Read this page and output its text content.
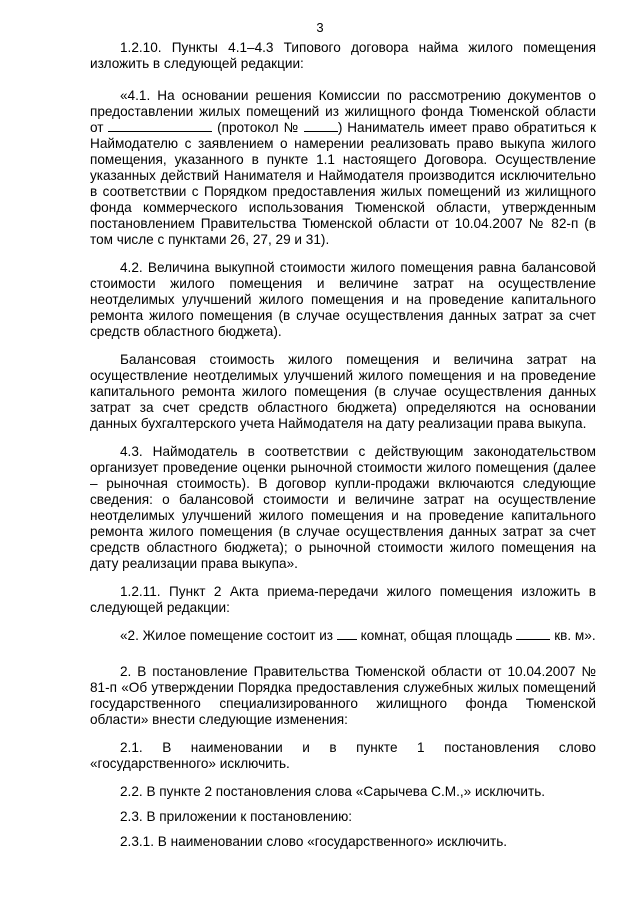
3

1.2.10. Пункты 4.1–4.3 Типового договора найма жилого помещения изложить в следующей редакции:

«4.1. На основании решения Комиссии по рассмотрению документов о предоставлении жилых помещений из жилищного фонда Тюменской области от	(протокол №	) Наниматель имеет право обратиться к Наймодателю с заявлением о намерении реализовать право выкупа жилого помещения, указанного в пункте 1.1 настоящего Договора. Осуществление указанных действий Нанимателя и Наймодателя производится исключительно в соответствии с Порядком предоставления жилых помещений из жилищного фонда коммерческого использования Тюменской области, утвержденным постановлением Правительства Тюменской области от 10.04.2007 № 82-п (в том числе с пунктами 26, 27, 29 и 31).

4.2. Величина выкупной стоимости жилого помещения равна балансовой стоимости жилого помещения и величине затрат на осуществление неотделимых улучшений жилого помещения и на проведение капитального ремонта жилого помещения (в случае осуществления данных затрат за счет средств областного бюджета).

Балансовая стоимость жилого помещения и величина затрат на осуществление неотделимых улучшений жилого помещения и на проведение капитального ремонта жилого помещения (в случае осуществления данных затрат за счет средств областного бюджета) определяются на основании данных бухгалтерского учета Наймодателя на дату реализации права выкупа.

4.3. Наймодатель в соответствии с действующим законодательством организует проведение оценки рыночной стоимости жилого помещения (далее – рыночная стоимость). В договор купли-продажи включаются следующие сведения: о балансовой стоимости и величине затрат на осуществление неотделимых улучшений жилого помещения и на проведение капитального ремонта жилого помещения (в случае осуществления данных затрат за счет средств областного бюджета); о рыночной стоимости жилого помещения на дату реализации права выкупа».

1.2.11. Пункт 2 Акта приема-передачи жилого помещения изложить в следующей редакции:

«2. Жилое помещение состоит из комнат, общая площадь	кв. м».

2. В постановление Правительства Тюменской области от 10.04.2007 № 81-п «Об утверждении Порядка предоставления служебных жилых помещений государственного специализированного жилищного фонда Тюменской области» внести следующие изменения:

2.1. В наименовании и в пункте 1 постановления слово «государственного» исключить.

2.2. В пункте 2 постановления слова «Сарычева С.М.,» исключить.

2.3. В приложении к постановлению:

2.3.1. В наименовании слово «государственного» исключить.
